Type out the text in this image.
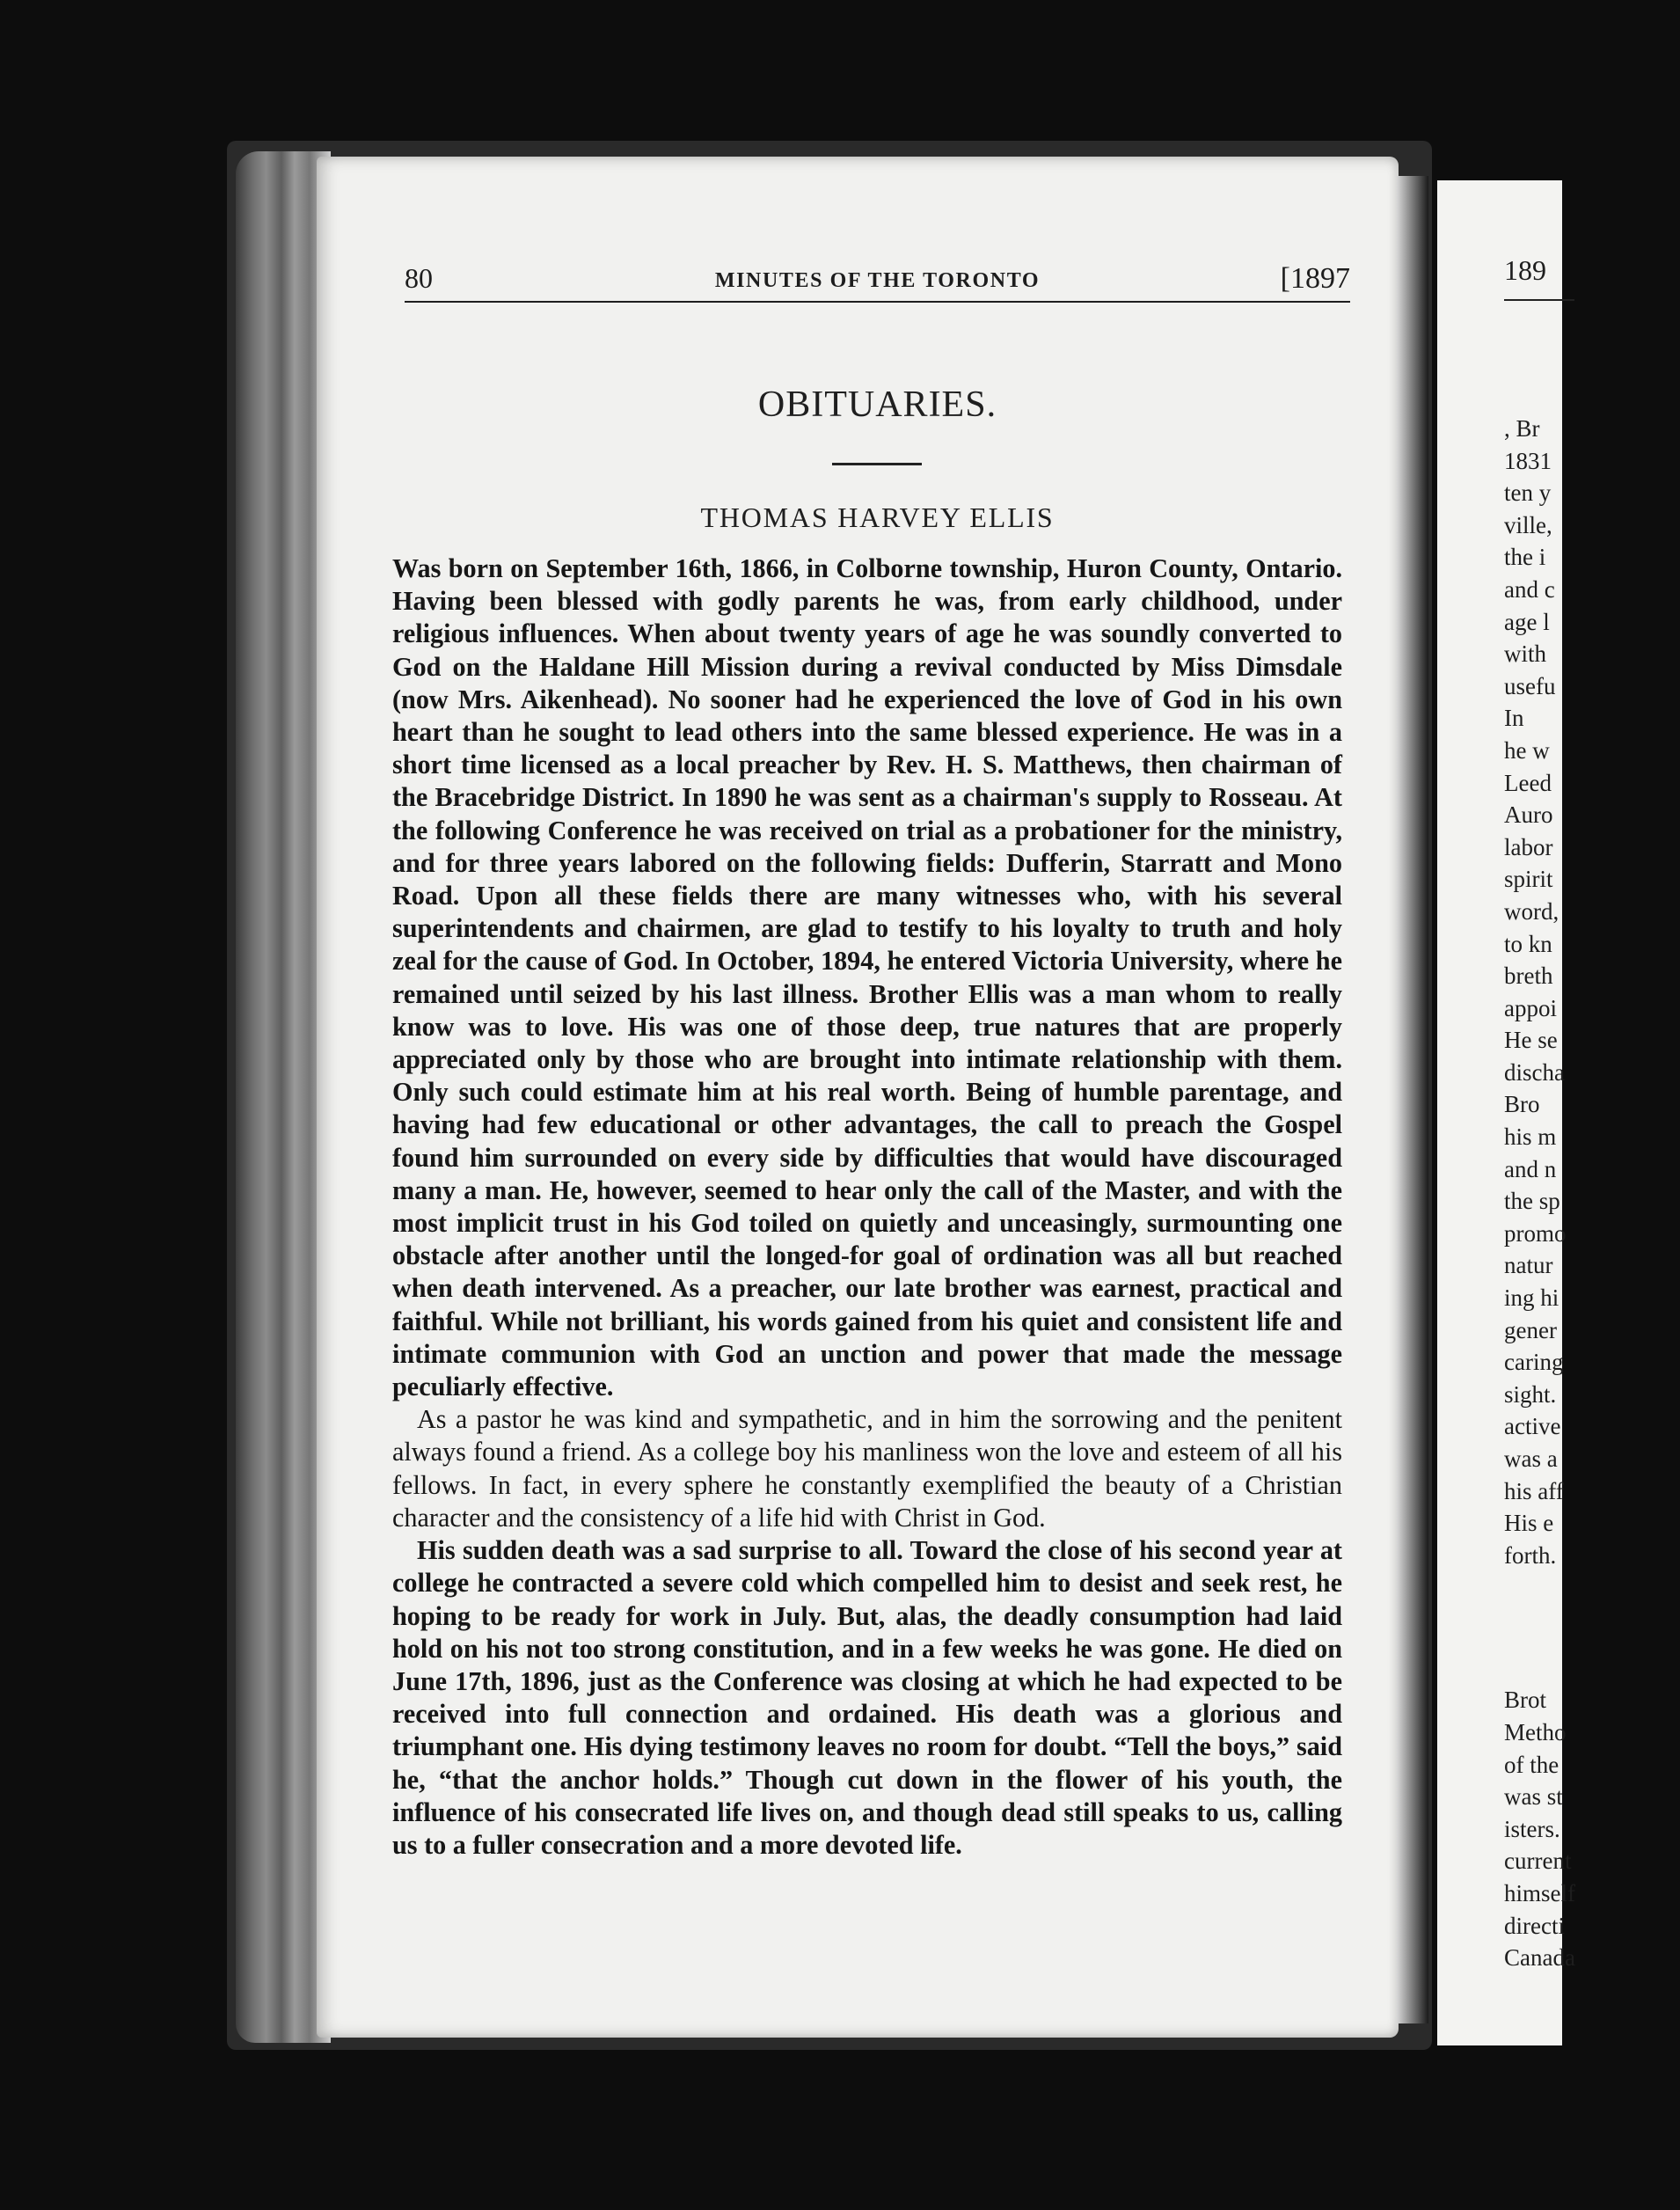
80	MINUTES OF THE TORONTO	[1897
OBITUARIES.
THOMAS HARVEY ELLIS

Was born on September 16th, 1866, in Colborne township, Huron County, Ontario. Having been blessed with godly parents he was, from early childhood, under religious influences. When about twenty years of age he was soundly converted to God on the Haldane Hill Mission during a revival conducted by Miss Dimsdale (now Mrs. Aikenhead). No sooner had he experienced the love of God in his own heart than he sought to lead others into the same blessed experience. He was in a short time licensed as a local preacher by Rev. H. S. Matthews, then chairman of the Bracebridge District. In 1890 he was sent as a chairman's supply to Rosseau. At the following Conference he was received on trial as a probationer for the ministry, and for three years labored on the following fields: Dufferin, Starratt and Mono Road. Upon all these fields there are many witnesses who, with his several superintendents and chairmen, are glad to testify to his loyalty to truth and holy zeal for the cause of God. In October, 1894, he entered Victoria University, where he remained until seized by his last illness. Brother Ellis was a man whom to really know was to love. His was one of those deep, true natures that are properly appreciated only by those who are brought into intimate relationship with them. Only such could estimate him at his real worth. Being of humble parentage, and having had few educational or other advantages, the call to preach the Gospel found him surrounded on every side by difficulties that would have discouraged many a man. He, however, seemed to hear only the call of the Master, and with the most implicit trust in his God toiled on quietly and unceasingly, surmounting one obstacle after another until the longed-for goal of ordination was all but reached when death intervened. As a preacher, our late brother was earnest, practical and faithful. While not brilliant, his words gained from his quiet and consistent life and intimate communion with God an unction and power that made the message peculiarly effective.

As a pastor he was kind and sympathetic, and in him the sorrowing and the penitent always found a friend. As a college boy his manliness won the love and esteem of all his fellows. In fact, in every sphere he constantly exemplified the beauty of a Christian character and the consistency of a life hid with Christ in God.

His sudden death was a sad surprise to all. Toward the close of his second year at college he contracted a severe cold which compelled him to desist and seek rest, he hoping to be ready for work in July. But, alas, the deadly consumption had laid hold on his not too strong constitution, and in a few weeks he was gone. He died on June 17th, 1896, just as the Conference was closing at which he had expected to be received into full connection and ordained. His death was a glorious and triumphant one. His dying testimony leaves no room for doubt. “Tell the boys,” said he, “that the anchor holds.” Though cut down in the flower of his youth, the influence of his consecrated life lives on, and though dead still speaks to us, calling us to a fuller consecration and a more devoted life.

189
, Br
1831
ten y
ville,
the i
and c
age l
with
usefu
In
he w
Leed
Auro
labor
spirit
word,
to kn
breth
appoi
He se
discha
Bro
his m
and n
the sp
promo
natur
ing hi
gener
caring
sight.
active
was a
his aff
His e
forth.
Brot
Metho
of the
was st
isters.
current
himself
directi
Canada
